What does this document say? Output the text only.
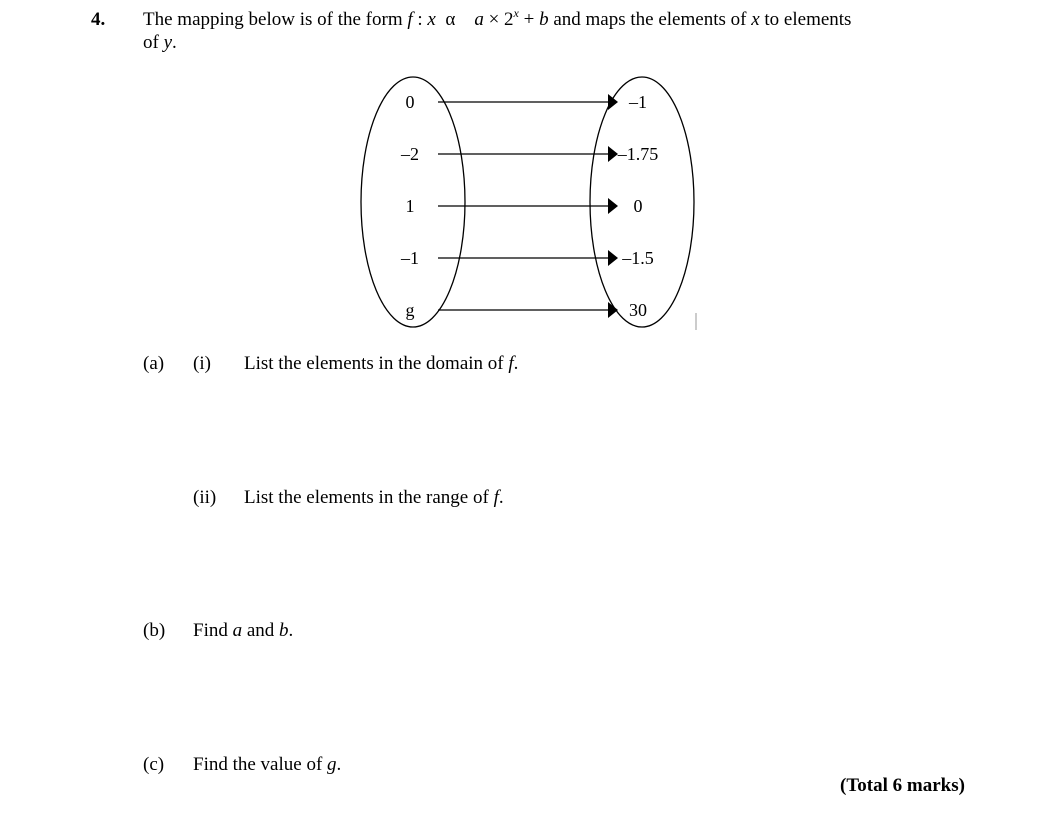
4. The mapping below is of the form f : x α $a \times 2^x + b$ and maps the elements of x to elements
of y.
0	–1
–2	–1.75
1	0
–1	–1.5
g	30
(a) (i) List the elements in the domain of f.
(ii) List the elements in the range of f.
(b) Find a and b.
(c) Find the value of g.
(Total 6 marks)
